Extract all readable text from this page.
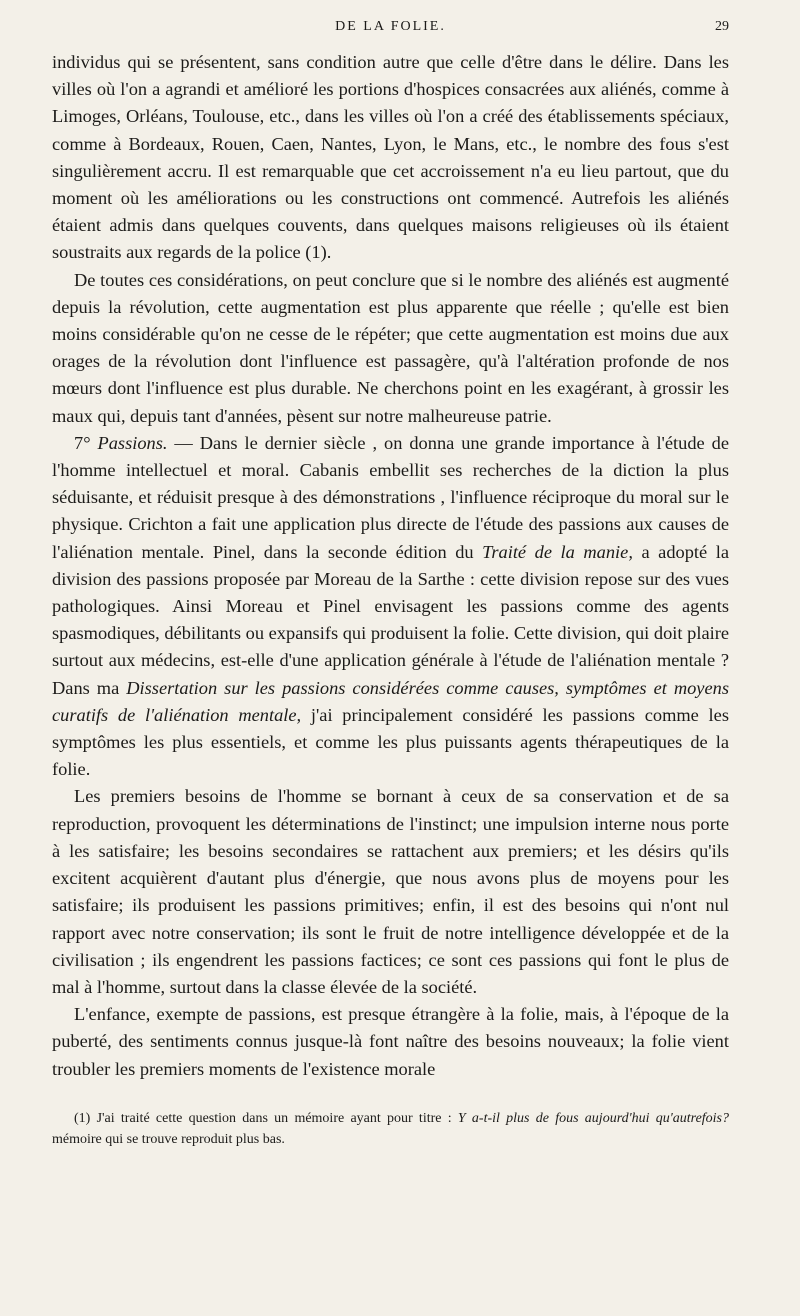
DE LA FOLIE.	29

individus qui se présentent, sans condition autre que celle d'être dans le délire. Dans les villes où l'on a agrandi et amélioré les portions d'hospices consacrées aux aliénés, comme à Limoges, Orléans, Toulouse, etc., dans les villes où l'on a créé des établissements spéciaux, comme à Bordeaux, Rouen, Caen, Nantes, Lyon, le Mans, etc., le nombre des fous s'est singulièrement accru. Il est remarquable que cet accroissement n'a eu lieu partout, que du moment où les améliorations ou les constructions ont commencé. Autrefois les aliénés étaient admis dans quelques couvents, dans quelques maisons religieuses où ils étaient soustraits aux regards de la police (1).

De toutes ces considérations, on peut conclure que si le nombre des aliénés est augmenté depuis la révolution, cette augmentation est plus apparente que réelle ; qu'elle est bien moins considérable qu'on ne cesse de le répéter; que cette augmentation est moins due aux orages de la révolution dont l'influence est passagère, qu'à l'altération profonde de nos mœurs dont l'influence est plus durable. Ne cherchons point en les exagérant, à grossir les maux qui, depuis tant d'années, pèsent sur notre malheureuse patrie.

7° Passions. — Dans le dernier siècle , on donna une grande importance à l'étude de l'homme intellectuel et moral. Cabanis embellit ses recherches de la diction la plus séduisante, et réduisit presque à des démonstrations , l'influence réciproque du moral sur le physique. Crichton a fait une application plus directe de l'étude des passions aux causes de l'aliénation mentale. Pinel, dans la seconde édition du Traité de la manie, a adopté la division des passions proposée par Moreau de la Sarthe : cette division repose sur des vues pathologiques. Ainsi Moreau et Pinel envisagent les passions comme des agents spasmodiques, débilitants ou expansifs qui produisent la folie. Cette division, qui doit plaire surtout aux médecins, est-elle d'une application générale à l'étude de l'aliénation mentale ? Dans ma Dissertation sur les passions considérées comme causes, symptômes et moyens curatifs de l'aliénation mentale, j'ai principalement considéré les passions comme les symptômes les plus essentiels, et comme les plus puissants agents thérapeutiques de la folie.

Les premiers besoins de l'homme se bornant à ceux de sa conservation et de sa reproduction, provoquent les déterminations de l'instinct; une impulsion interne nous porte à les satisfaire; les besoins secondaires se rattachent aux premiers; et les désirs qu'ils excitent acquièrent d'autant plus d'énergie, que nous avons plus de moyens pour les satisfaire; ils produisent les passions primitives; enfin, il est des besoins qui n'ont nul rapport avec notre conservation; ils sont le fruit de notre intelligence développée et de la civilisation ; ils engendrent les passions factices; ce sont ces passions qui font le plus de mal à l'homme, surtout dans la classe élevée de la société.

L'enfance, exempte de passions, est presque étrangère à la folie, mais, à l'époque de la puberté, des sentiments connus jusque-là font naître des besoins nouveaux; la folie vient troubler les premiers moments de l'existence morale

(1) J'ai traité cette question dans un mémoire ayant pour titre : Y a-t-il plus de fous aujourd'hui qu'autrefois? mémoire qui se trouve reproduit plus bas.
